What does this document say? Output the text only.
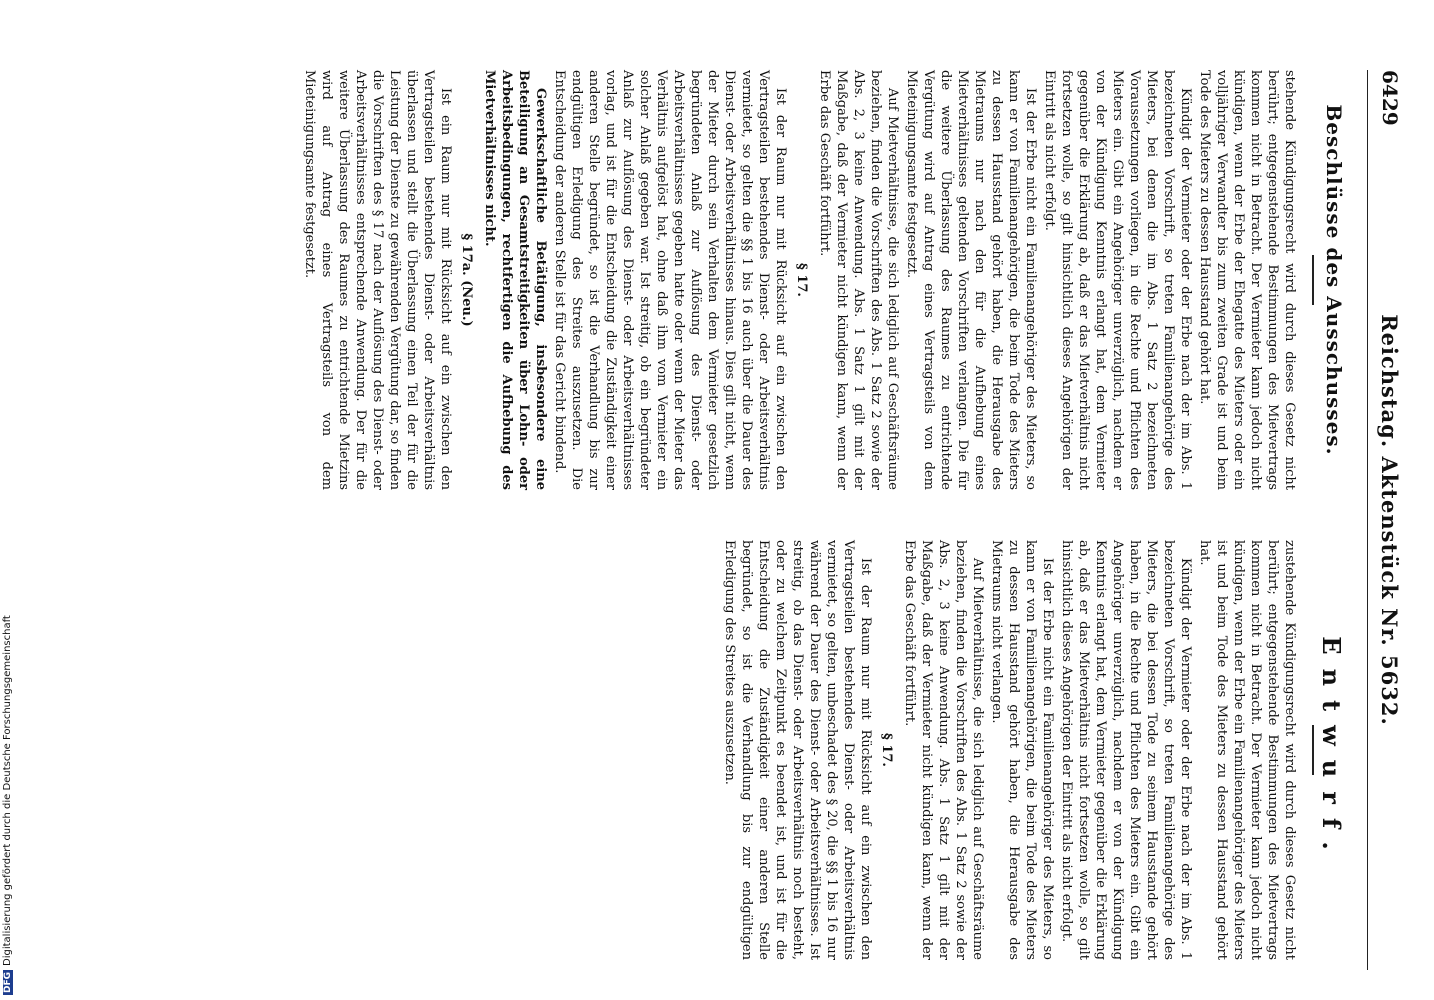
Reichstag. Aktenstück Nr. 5632.
6429
Beschlüsse des Ausschusses.
Entwurf.

stehende Kündigungsrecht wird durch dieses Gesetz nicht berührt; entgegenstehende Bestimmungen des Mietvertrags kommen nicht in Betracht. Der Vermieter kann jedoch nicht kündigen, wenn der Erbe der Ehegatte des Mieters oder ein volljähriger Verwandter bis zum zweiten Grade ist und beim Tode des Mieters zu dessen Hausstand gehört hat.

Kündigt der Vermieter oder der Erbe nach der im Abs. 1 bezeichneten Vorschrift, so treten Familienangehörige des Mieters, bei denen die im Abs. 1 Satz 2 bezeichneten Voraussetzungen vorliegen, in die Rechte und Pflichten des Mieters ein. Gibt ein Angehöriger unverzüglich, nachdem er von der Kündigung Kenntnis erlangt hat, dem Vermieter gegenüber die Erklärung ab, daß er das Mietverhältnis nicht fortsetzen wolle, so gilt hinsichtlich dieses Angehörigen der Eintritt als nicht erfolgt.

Ist der Erbe nicht ein Familienangehöriger des Mieters, so kann er von Familienangehörigen, die beim Tode des Mieters zu dessen Hausstand gehört haben, die Herausgabe des Mietraums nur nach den für die Aufhebung eines Mietverhältnisses geltenden Vorschriften verlangen. Die für die weitere Überlassung des Raumes zu entrichtende Vergütung wird auf Antrag eines Vertragsteils von dem Mieteinigungsamte festgesetzt.

Auf Mietverhältnisse, die sich lediglich auf Geschäftsräume beziehen, finden die Vorschriften des Abs. 1 Satz 2 sowie der Abs. 2, 3 keine Anwendung. Abs. 1 Satz 1 gilt mit der Maßgabe, daß der Vermieter nicht kündigen kann, wenn der Erbe das Geschäft fortführt.

§ 17.

Ist der Raum nur mit Rücksicht auf ein zwischen den Vertragsteilen bestehendes Dienst- oder Arbeitsverhältnis vermietet, so gelten die §§ 1 bis 16 auch über die Dauer des Dienst- oder Arbeitsverhältnisses hinaus. Dies gilt nicht, wenn der Mieter durch sein Verhalten dem Vermieter gesetzlich begründeten Anlaß zur Auflösung des Dienst- oder Arbeitsverhältnisses gegeben hatte oder wenn der Mieter das Verhältnis aufgelöst hat, ohne daß ihm vom Vermieter ein solcher Anlaß gegeben war. Ist streitig, ob ein begründeter Anlaß zur Auflösung des Dienst- oder Arbeitsverhältnisses vorlag, und ist für die Entscheidung die Zuständigkeit einer anderen Stelle begründet, so ist die Verhandlung bis zur endgültigen Erledigung des Streites auszusetzen. Die Entscheidung der anderen Stelle ist für das Gericht bindend.

Gewerkschaftliche Betätigung, insbesondere eine Beteiligung an Gesamtstreitigkeiten über Lohn- oder Arbeitsbedingungen, rechtfertigen die Aufhebung des Mietverhältnisses nicht.

§ 17a. (Neu.)

Ist ein Raum nur mit Rücksicht auf ein zwischen den Vertragsteilen bestehendes Dienst- oder Arbeitsverhältnis überlassen und stellt die Überlassung einen Teil der für die Leistung der Dienste zu gewährenden Vergütung dar, so finden die Vorschriften des § 17 nach der Auflösung des Dienst- oder Arbeitsverhältnisses entsprechende Anwendung. Der für die weitere Überlassung des Raumes zu entrichtende Mietzins wird auf Antrag eines Vertragsteils von dem Mieteinigungsamte festgesetzt.

zustehende Kündigungsrecht wird durch dieses Gesetz nicht berührt; entgegenstehende Bestimmungen des Mietvertrags kommen nicht in Betracht. Der Vermieter kann jedoch nicht kündigen, wenn der Erbe ein Familienangehöriger des Mieters ist und beim Tode des Mieters zu dessen Hausstand gehört hat.

Kündigt der Vermieter oder der Erbe nach der im Abs. 1 bezeichneten Vorschrift, so treten Familienangehörige des Mieters, die bei dessen Tode zu seinem Hausstande gehört haben, in die Rechte und Pflichten des Mieters ein. Gibt ein Angehöriger unverzüglich, nachdem er von der Kündigung Kenntnis erlangt hat, dem Vermieter gegenüber die Erklärung ab, daß er das Mietverhältnis nicht fortsetzen wolle, so gilt hinsichtlich dieses Angehörigen der Eintritt als nicht erfolgt.

Ist der Erbe nicht ein Familienangehöriger des Mieters, so kann er von Familienangehörigen, die beim Tode des Mieters zu dessen Hausstand gehört haben, die Herausgabe des Mietraums nicht verlangen.

Auf Mietverhältnisse, die sich lediglich auf Geschäftsräume beziehen, finden die Vorschriften des Abs. 1 Satz 2 sowie der Abs. 2, 3 keine Anwendung. Abs. 1 Satz 1 gilt mit der Maßgabe, daß der Vermieter nicht kündigen kann, wenn der Erbe das Geschäft fortführt.

§ 17.

Ist der Raum nur mit Rücksicht auf ein zwischen den Vertragsteilen bestehendes Dienst- oder Arbeitsverhältnis vermietet, so gelten, unbeschadet des § 20, die §§ 1 bis 16 nur während der Dauer des Dienst- oder Arbeitsverhältnisses. Ist streitig, ob das Dienst- oder Arbeitsverhältnis noch besteht, oder zu welchem Zeitpunkt es beendet ist, und ist für die Entscheidung die Zuständigkeit einer anderen Stelle begründet, so ist die Verhandlung bis zur endgültigen Erledigung des Streites auszusetzen.

DFGDigitalisierung gefördert durch die Deutsche Forschungsgemeinschaft
